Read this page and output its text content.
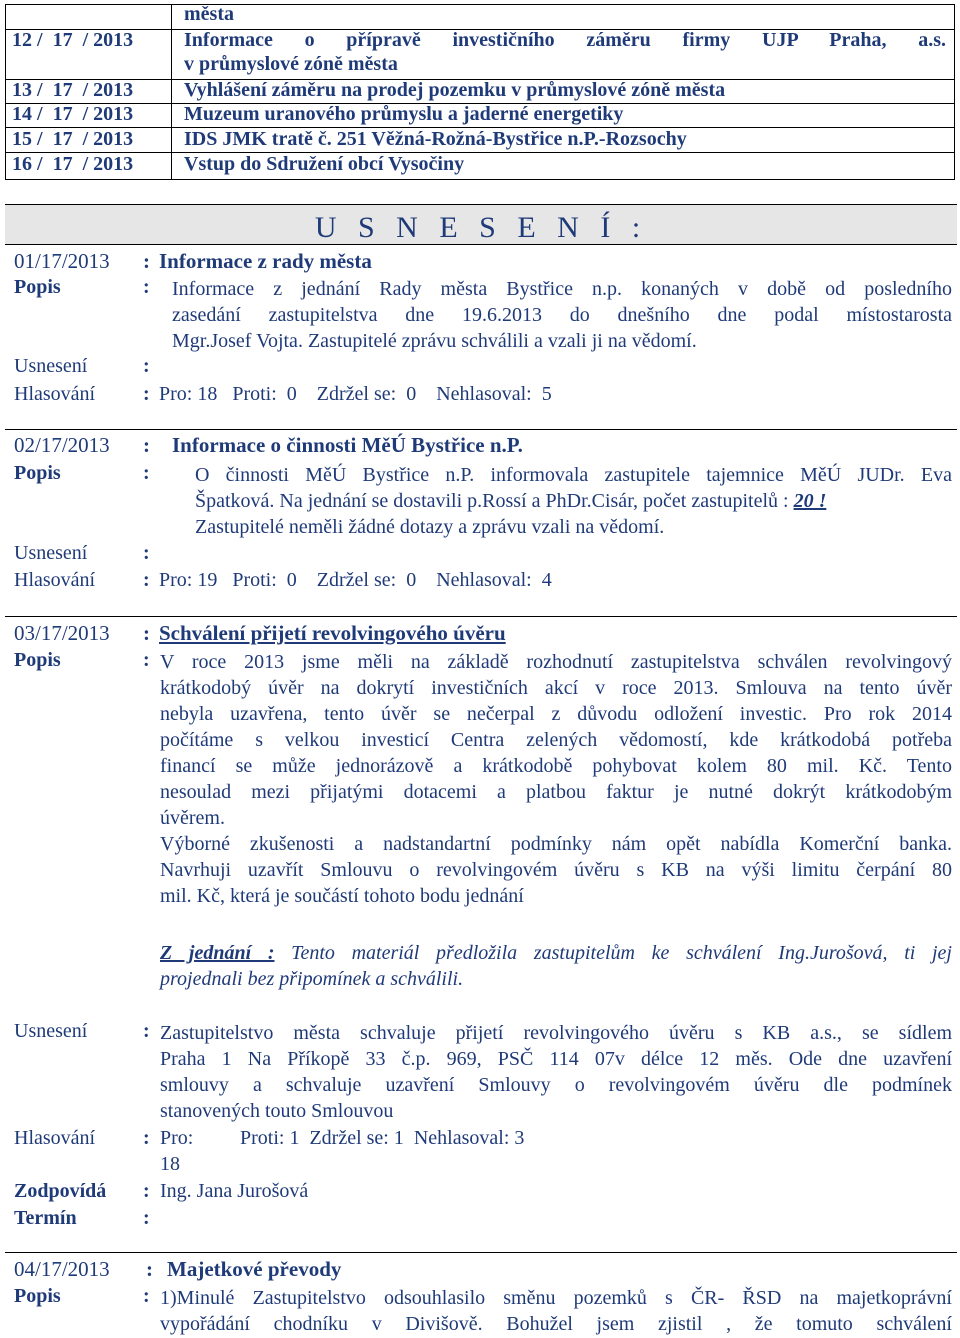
města
12 / 17 / 2013	Informace o přípravě investičního záměru firmy UJP Praha, a.s.
v průmyslové zóně města
13 / 17 / 2013	Vyhlášení záměru na prodej pozemku v průmyslové zóně města
14 / 17 / 2013	Muzeum uranového průmyslu a jaderné energetiky
15 / 17 / 2013	IDS JMK tratě č. 251 Věžná-Rožná-Bystřice n.P.-Rozsochy
16 / 17 / 2013	Vstup do Sdružení obcí Vysočiny
U S N E S E N Í :
01/17/2013 : Informace z rady města
Popis	: Informace z jednání Rady města Bystřice n.p. konaných v době od posledního
zasedání zastupitelstva dne 19.6.2013 do dnešního dne podal místostarosta
Mgr.Josef Vojta. Zastupitelé zprávu schválili a vzali ji na vědomí.
Usnesení	:
Hlasování : Pro: 18 Proti: 0 Zdržel se: 0 Nehlasoval: 5
02/17/2013 : Informace o činnosti MěÚ Bystřice n.P.
Popis	: O činnosti MěÚ Bystřice n.P. informovala zastupitele tajemnice MěÚ JUDr. Eva
Špatková. Na jednání se dostavili p.Rossí a PhDr.Cisár, počet zastupitelů : 20 !
Zastupitelé neměli žádné dotazy a zprávu vzali na vědomí.
Usnesení	:
Hlasování : Pro: 19 Proti: 0 Zdržel se: 0 Nehlasoval: 4
03/17/2013 : Schválení přijetí revolvingového úvěru
Popis	: V roce 2013 jsme měli na základě rozhodnutí zastupitelstva schválen revolvingový
krátkodobý úvěr na dokrytí investičních akcí v roce 2013. Smlouva na tento úvěr
nebyla uzavřena, tento úvěr se nečerpal z důvodu odložení investic. Pro rok 2014
počítáme s velkou investicí Centra zelených vědomostí, kde krátkodobá potřeba
financí se může jednorázově a krátkodobě pohybovat kolem 80 mil. Kč. Tento
nesoulad mezi přijatými dotacemi a platbou faktur je nutné dokrýt krátkodobým
úvěrem.
Výborné zkušenosti a nadstandartní podmínky nám opět nabídla Komerční banka.
Navrhuji uzavřít Smlouvu o revolvingovém úvěru s KB na výši limitu čerpání 80
mil. Kč, která je součástí tohoto bodu jednání
Z jednání : Tento materiál předložila zastupitelům ke schválení Ing.Jurošová, ti jej
projednali bez připomínek a schválili.
Usnesení	: Zastupitelstvo města schvaluje přijetí revolvingového úvěru s KB a.s., se sídlem
Praha 1 Na Příkopě 33 č.p. 969, PSČ 114 07v délce 12 měs. Ode dne uzavření
smlouvy a schvaluje uzavření Smlouvy o revolvingovém úvěru dle podmínek
stanovených touto Smlouvou
Hlasování : Pro:
18
Proti: 1 Zdržel se: 1 Nehlasoval: 3
Zodpovídá : Ing. Jana Jurošová
Termín	:
04/17/2013 : Majetkové převody
Popis	: 1)Minulé Zastupitelstvo odsouhlasilo směnu pozemků s ČR- ŘSD na majetkoprávní
vypořádání chodníku v Divišově. Bohužel jsem zjistil , že tomuto schválení
